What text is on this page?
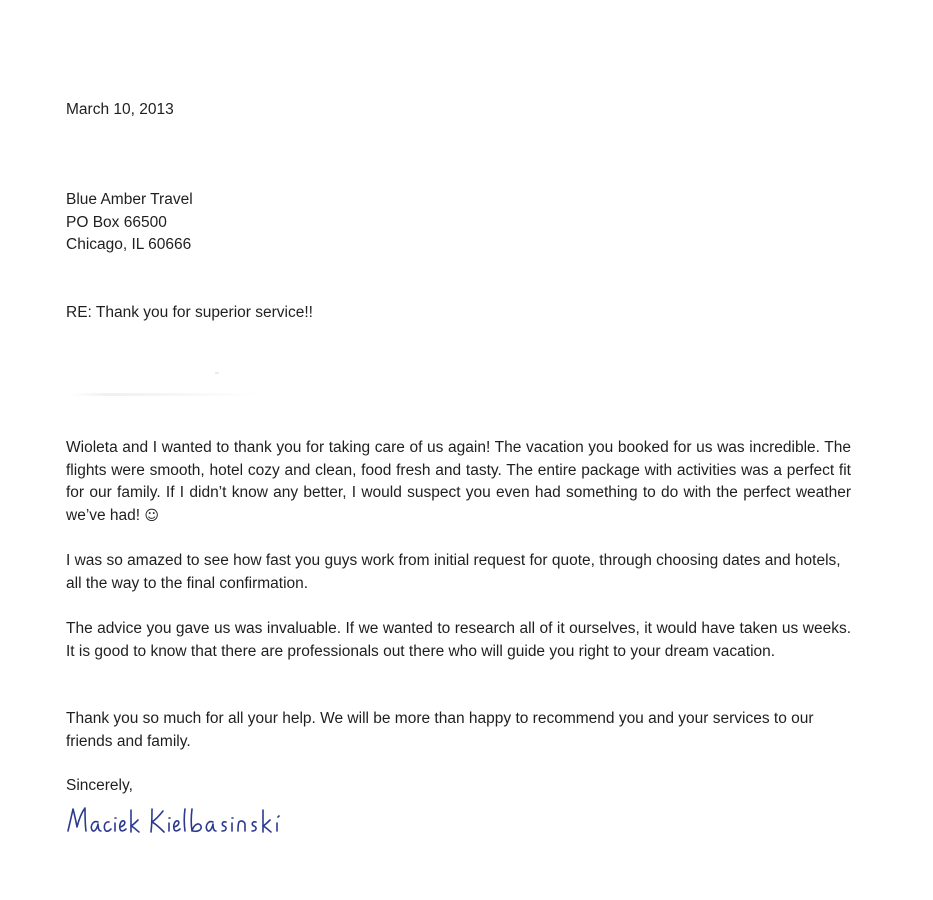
March 10, 2013
Blue Amber Travel
PO Box 66500
Chicago, IL 60666
RE: Thank you for superior service!!

Wioleta and I wanted to thank you for taking care of us again! The vacation you booked for us was incredible. The flights were smooth, hotel cozy and clean, food fresh and tasty. The entire package with activities was a perfect fit for our family. If I didn’t know any better, I would suspect you even had something to do with the perfect weather we’ve had! ☺

I was so amazed to see how fast you guys work from initial request for quote, through choosing dates and hotels, all the way to the final confirmation.

The advice you gave us was invaluable. If we wanted to research all of it ourselves, it would have taken us weeks. It is good to know that there are professionals out there who will guide you right to your dream vacation.

Thank you so much for all your help. We will be more than happy to recommend you and your services to our friends and family.

Sincerely,
